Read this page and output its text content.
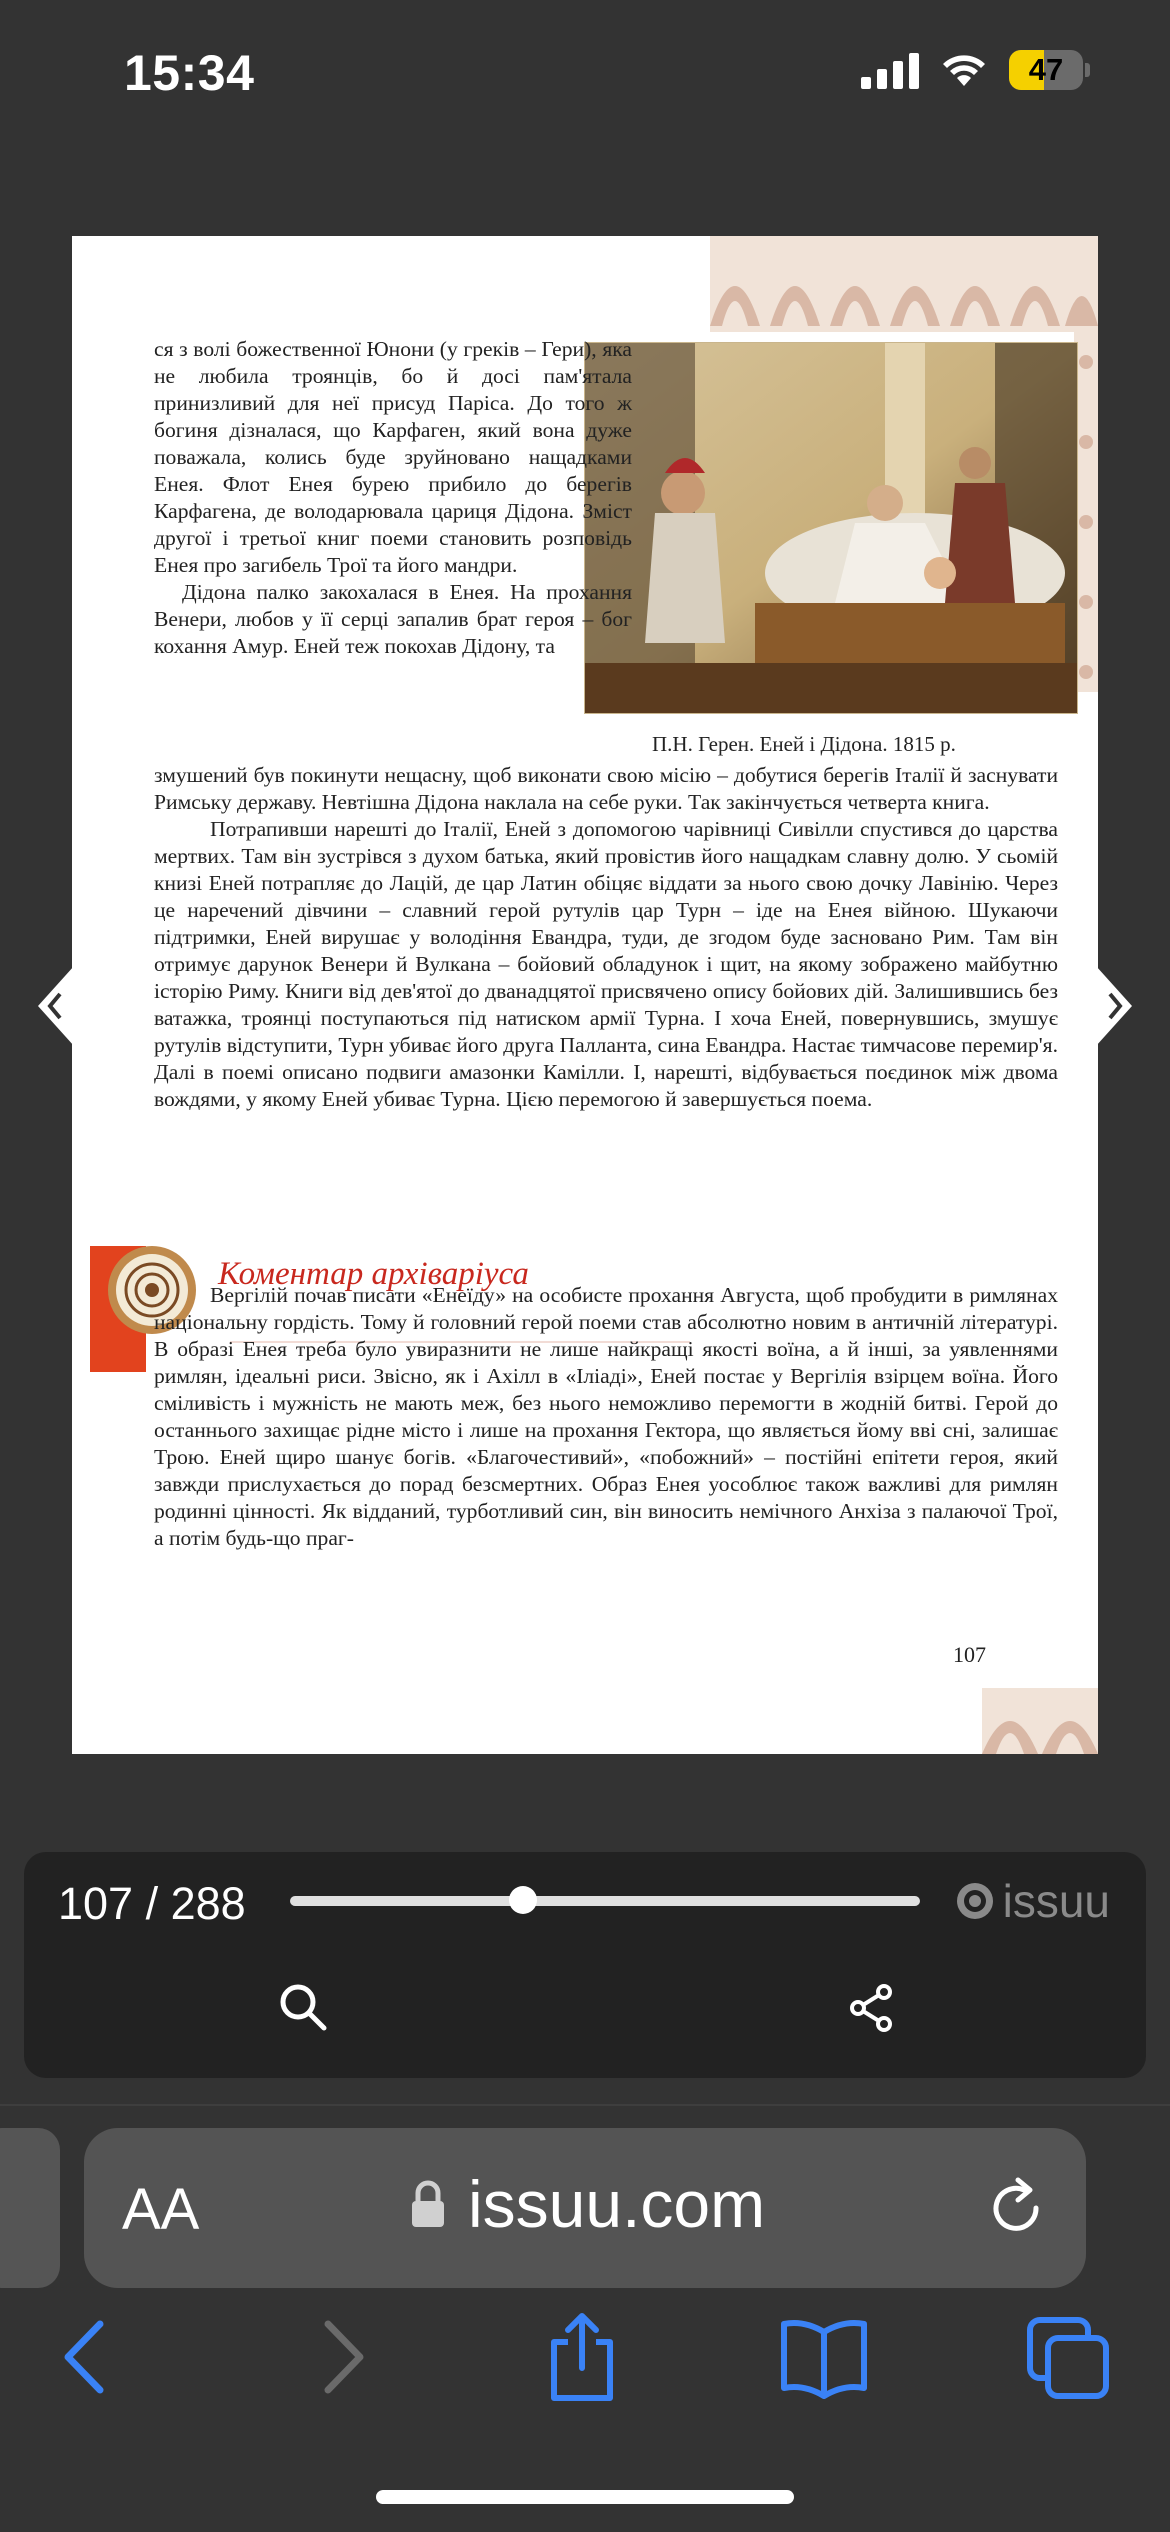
15:34	47

ся з волі божественної Юнони (у греків – Гери), яка не любила троянців, бо й досі пам'ятала принизливий для неї присуд Паріса. До того ж богиня дізналася, що Карфаген, який вона дуже поважала, колись буде зруйновано нащадками Енея. Флот Енея бурею прибило до берегів Карфагена, де володарювала цариця Дідона. Зміст другої і третьої книг поеми становить розповідь Енея про загибель Трої та його мандри.

Дідона палко закохалася в Енея. На прохання Венери, любов у її серці запалив брат героя – бог кохання Амур. Еней теж покохав Дідону, та

П.Н. Герен. Еней і Дідона. 1815 р.

змушений був покинути нещасну, щоб виконати свою місію – добутися берегів Італії й заснувати Римську державу. Невтішна Дідона наклала на себе руки. Так закінчується четверта книга.

Потрапивши нарешті до Італії, Еней з допомогою чарівниці Сивілли спустився до царства мертвих. Там він зустрівся з духом батька, який провістив його нащадкам славну долю. У сьомій книзі Еней потрапляє до Лацій, де цар Латин обіцяє віддати за нього свою дочку Лавінію. Через це наречений дівчини – славний герой рутулів цар Турн – іде на Енея війною. Шукаючи підтримки, Еней вирушає у володіння Евандра, туди, де згодом буде засновано Рим. Там він отримує дарунок Венери й Вулкана – бойовий обладунок і щит, на якому зображено майбутню історію Риму. Книги від дев'ятої до дванадцятої присвячено опису бойових дій. Залишившись без ватажка, троянці поступаються під натиском армії Турна. І хоча Еней, повернувшись, змушує рутулів відступити, Турн убиває його друга Палланта, сина Евандра. Настає тимчасове перемир'я. Далі в поемі описано подвиги амазонки Камілли. І, нарешті, відбувається поєдинок між двома вождями, у якому Еней убиває Турна. Цією перемогою й завершується поема.

Коментар архіваріуса

Вергілій почав писати «Енеїду» на особисте прохання Августа, щоб пробудити в римлянах національну гордість. Тому й головний герой поеми став абсолютно новим в античній літературі. В образі Енея треба було увиразнити не лише найкращі якості воїна, а й інші, за уявленнями римлян, ідеальні риси. Звісно, як і Ахілл в «Іліаді», Еней постає у Вергілія взірцем воїна. Його сміливість і мужність не мають меж, без нього неможливо перемогти в жодній битві. Герой до останнього захищає рідне місто і лише на прохання Гектора, що являється йому вві сні, залишає Трою. Еней щиро шанує богів. «Благочестивий», «побожний» – постійні епітети героя, який завжди прислухається до порад безсмертних. Образ Енея уособлює також важливі для римлян родинні цінності. Як відданий, турботливий син, він виносить немічного Анхіза з палаючої Трої, а потім будь-що праг-

107
107 / 288	issuu
AA	issuu.com
